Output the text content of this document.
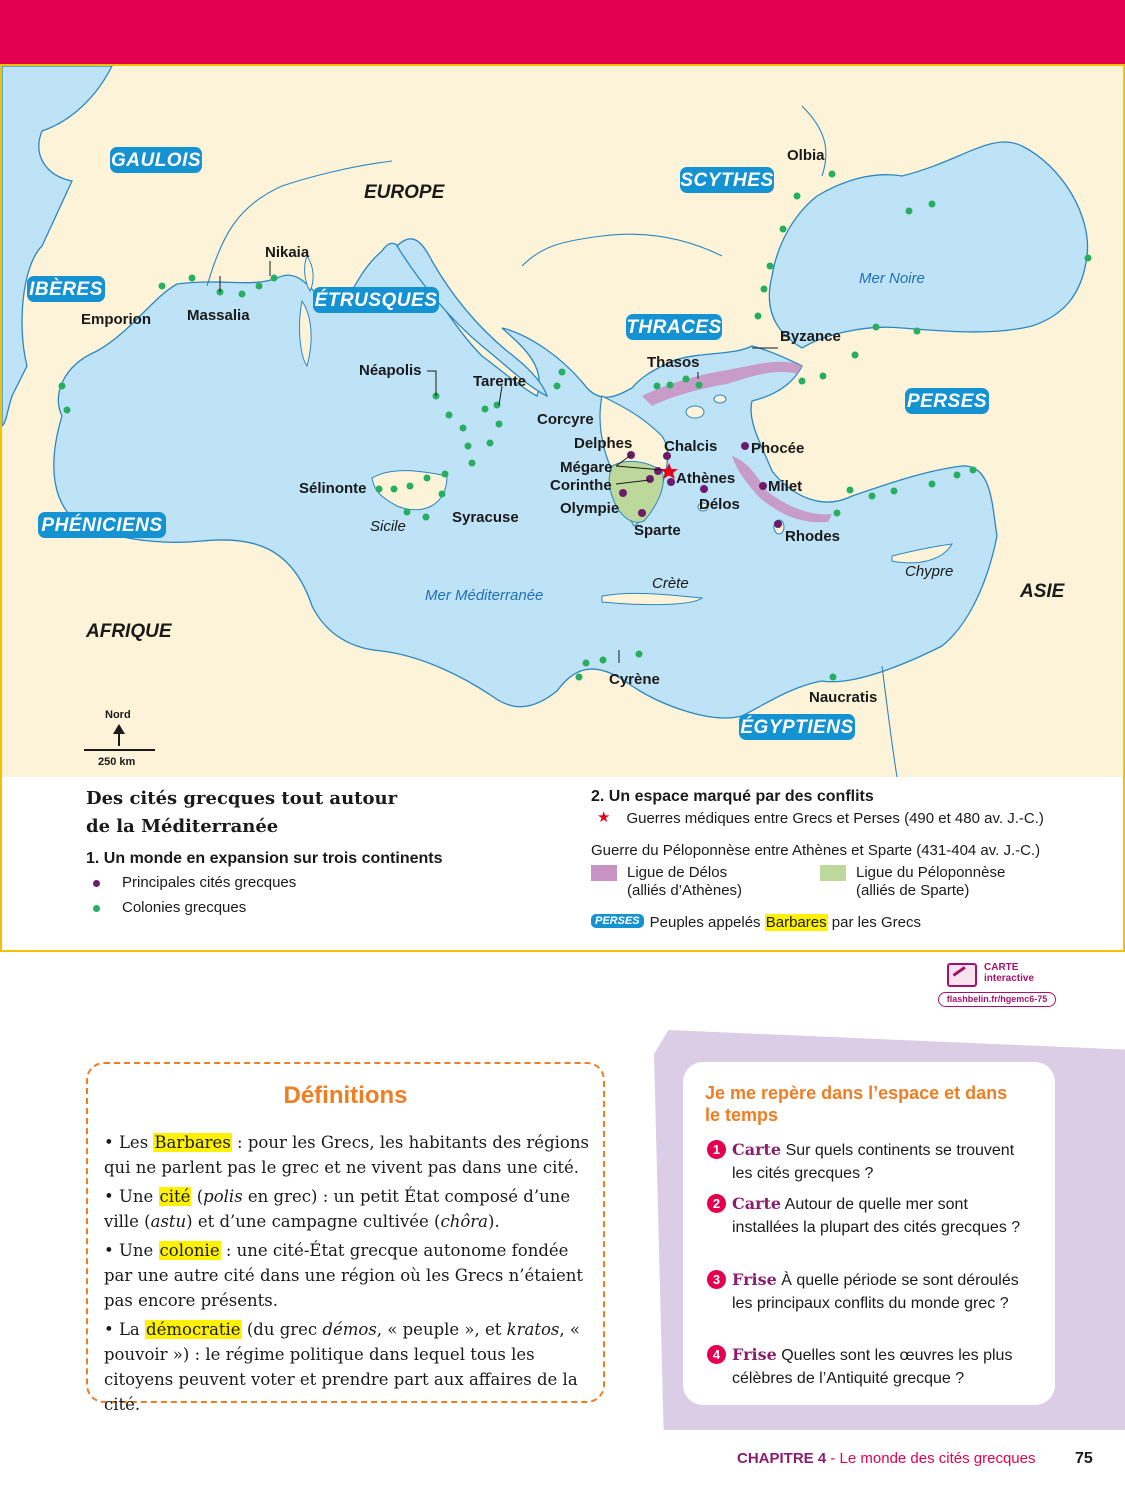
GAULOIS
IBÈRES
ÉTRUSQUES
SCYTHES
THRACES
PERSES
PHÉNICIENS
ÉGYPTIENS
EUROPE
AFRIQUE
ASIE
Mer Noire
Mer Méditerranée
Sicile
Crète
Chypre
Olbia
Nikaia
Emporion Massalia
Byzance
Thasos
Néapolis
Tarente
Corcyre
Delphes Chalcis Phocée
Mégare
Athènes
Corinthe	Milet
Délos
Olympie
Sparte	Rhodes
Sélinonte
Syracuse
Cyrène
Naucratis
Nord
250 km
Des cités grecques tout autour de la Méditerranée
1. Un monde en expansion sur trois continents
Principales cités grecques
Colonies grecques
2. Un espace marqué par des conflits
★ Guerres médiques entre Grecs et Perses (490 et 480 av. J.-C.)
Guerre du Péloponnèse entre Athènes et Sparte (431-404 av. J.-C.)
Ligue de Délos
(alliés d’Athènes)
Ligue du Péloponnèse
(alliés de Sparte)
PERSES Peuples appelés
Barbares
par les Grecs
CARTE
interactive
flashbelin.fr/hgemc6-75
Définitions

• Les Barbares : pour les Grecs, les habitants des régions qui ne parlent pas le grec et ne vivent pas dans une cité.

• Une cité (polis en grec) : un petit État composé d’une ville (astu) et d’une campagne cultivée (chôra).

• Une colonie : une cité-État grecque autonome fondée par une autre cité dans une région où les Grecs n’étaient pas encore présents.

• La démocratie (du grec démos, « peuple », et kratos, « pouvoir ») : le régime politique dans lequel tous les citoyens peuvent voter et prendre part aux affaires de la cité.

Je me repère dans l’espace et dans le temps
1 Carte Sur quels continents se trouvent les cités grecques ?
2 Carte Autour de quelle mer sont installées la plupart des cités grecques ?
3 Frise À quelle période se sont déroulés les principaux conflits du monde grec ?
4 Frise Quelles sont les œuvres les plus célèbres de l’Antiquité grecque ?
CHAPITRE 4 - Le monde des cités grecques 75
